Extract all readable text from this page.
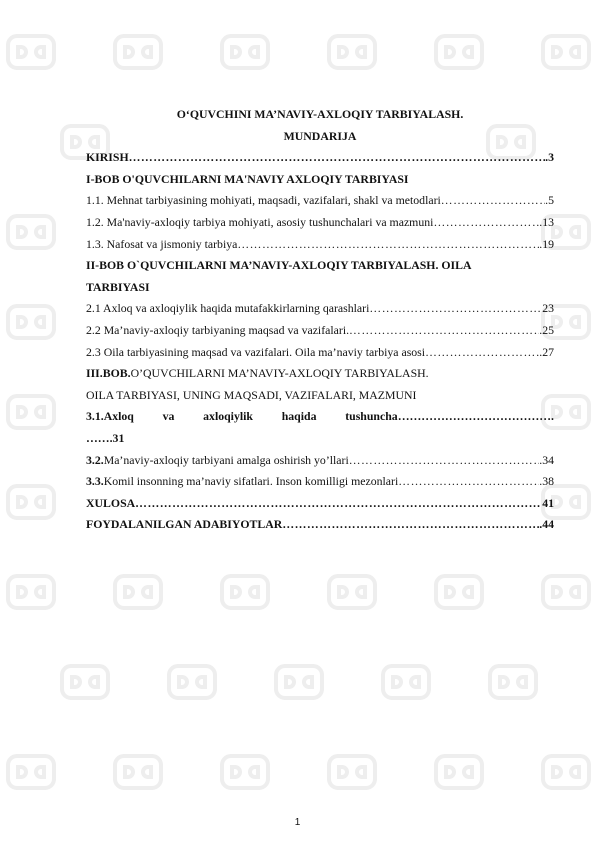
O‘QUVCHINI MA’NAVIY-AXLOQIY TARBIYALASH.
MUNDARIJA
KIRISH …………………………………………………………………………………………………………………………………………………………	.3
I-BOB O'QUVCHILARNI MA'NAVIY AXLOQIY TARBIYASI
1.1. Mehnat tarbiyasining mohiyati, maqsadi, vazifalari, shakl va metodlari …………………………………………………………………………………………………………………………………………………………	.5
1.2. Ma'naviy-axloqiy tarbiya mohiyati, asosiy tushunchalari va mazmuni …………………………………………………………………………………………………………………………………………………………	.13
1.3. Nafosat va jismoniy tarbiya …………………………………………………………………………………………………………………………………………………………	.19
II-BOB O`QUVCHILARNI MA’NAVIY-AXLOQIY TARBIYALASH. OILA
TARBIYASI
2.1 Axloq va axloqiylik haqida mutafakkirlarning qarashlari …………………………………………………………………………………………………………………………………………………………	23
2.2 Ma’naviy-axloqiy tarbiyaning maqsad va vazifalari. …………………………………………………………………………………………………………………………………………………………	.25
2.3 Oila tarbiyasining maqsad va vazifalari. Oila ma’naviy tarbiya asosi …………………………………………………………………………………………………………………………………………………………	.27
III.BOB. O’QUVCHILARNI MA’NAVIY-AXLOQIY TARBIYALASH.
OILA TARBIYASI, UNING MAQSADI, VAZIFALARI, MAZMUNI
3.1.Axloq va axloqiylik haqida tushuncha………………………………….
…….31
3.2.Ma’naviy-axloqiy tarbiyani amalga oshirish yo’llari …………………………………………………………………………………………………………………………………………………………	.34
3.3.Komil insonning ma’naviy sifatlari. Inson komilligi mezonlari …………………………………………………………………………………………………………………………………………………………	.38
XULOSA …………………………………………………………………………………………………………………………………………………………	41
FOYDALANILGAN ADABIYOTLAR …………………………………………………………………………………………………………………………………………………………	.44
1
